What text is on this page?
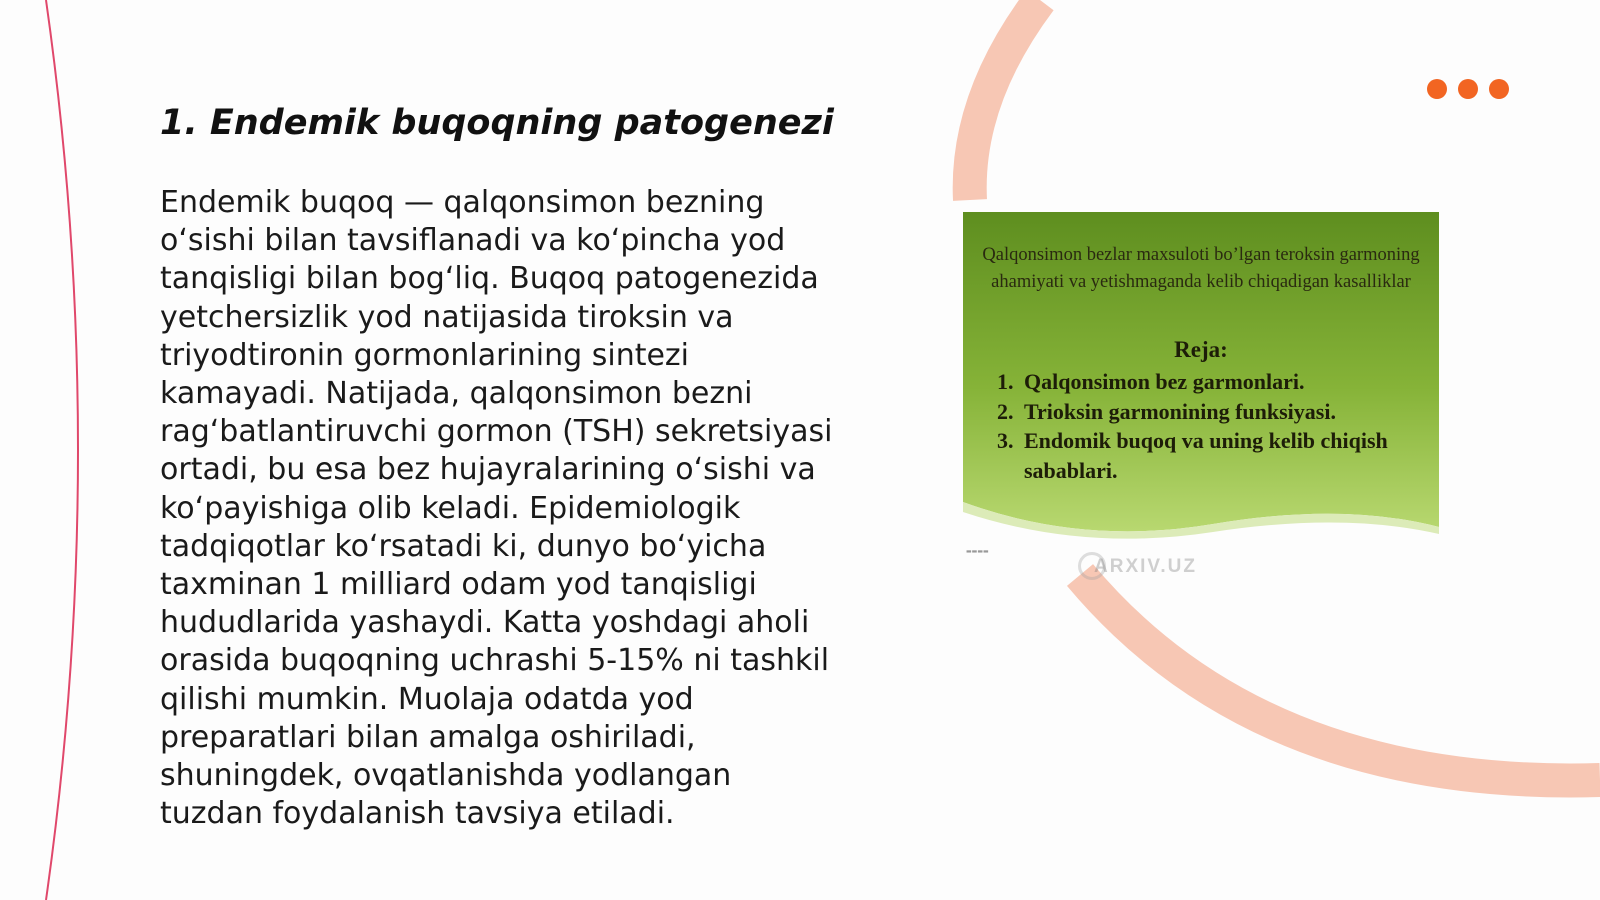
1. Endemik buqoqning patogenezi

Endemik buqoq — qalqonsimon bezning oʻsishi bilan tavsiflanadi va koʻpincha yod tanqisligi bilan bogʻliq. Buqoq patogenezida yetchersizlik yod natijasida tiroksin va triyodtironin gormonlarining sintezi kamayadi. Natijada, qalqonsimon bezni ragʻbatlantiruvchi gormon (TSH) sekretsiyasi ortadi, bu esa bez hujayralarining oʻsishi va koʻpayishiga olib keladi. Epidemiologik tadqiqotlar koʻrsatadi ki, dunyo boʻyicha taxminan 1 milliard odam yod tanqisligi hududlarida yashaydi. Katta yoshdagi aholi orasida buqoqning uchrashi 5-15% ni tashkil qilishi mumkin. Muolaja odatda yod preparatlari bilan amalga oshiriladi, shuningdek, ovqatlanishda yodlangan tuzdan foydalanish tavsiya etiladi.

Qalqonsimon bezlar maxsuloti bo’lgan teroksin garmoning ahamiyati va yetishmaganda kelib chiqadigan kasalliklar

Reja:

1. Qalqonsimon bez garmonlari.
2. Trioksin garmonining funksiyasi.
3. Endomik buqoq va uning kelib chiqish sabablari.
ARXIV.UZ
▬▬▬▬
